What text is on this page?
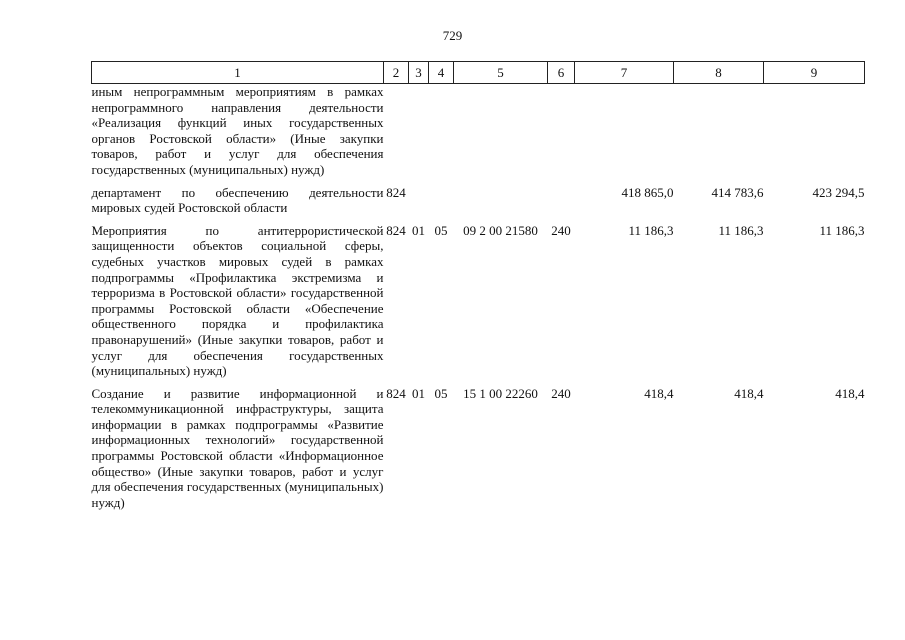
729
1	2	3	4	5	6	7	8	9
иным непрограммным мероприятиям в рамках непрограммного направления деятельности «Реализация функций иных государственных органов Ростовской области» (Иные закупки товаров, работ и услуг для обеспечения государственных (муниципальных) нужд)								

департамент по обеспечению деятельности мировых судей Ростовской области	824					418 865,0	414 783,6	423 294,5

Мероприятия по антитеррористической защищенности объектов социальной сферы, судебных участков мировых судей в рамках подпрограммы «Профилактика экстремизма и терроризма в Ростовской области» государственной программы Ростовской области «Обеспечение общественного порядка и профилактика правонарушений» (Иные закупки товаров, работ и услуг для обеспечения государственных (муниципальных) нужд)	824	01	05	09 2 00 21580	240	11 186,3	11 186,3	11 186,3

Создание и развитие информационной и телекоммуникационной инфраструктуры, защита информации в рамках подпрограммы «Развитие информационных технологий» государственной программы Ростовской области «Информационное общество» (Иные закупки товаров, работ и услуг для обеспечения государственных (муниципальных) нужд)	824	01	05	15 1 00 22260	240	418,4	418,4	418,4
